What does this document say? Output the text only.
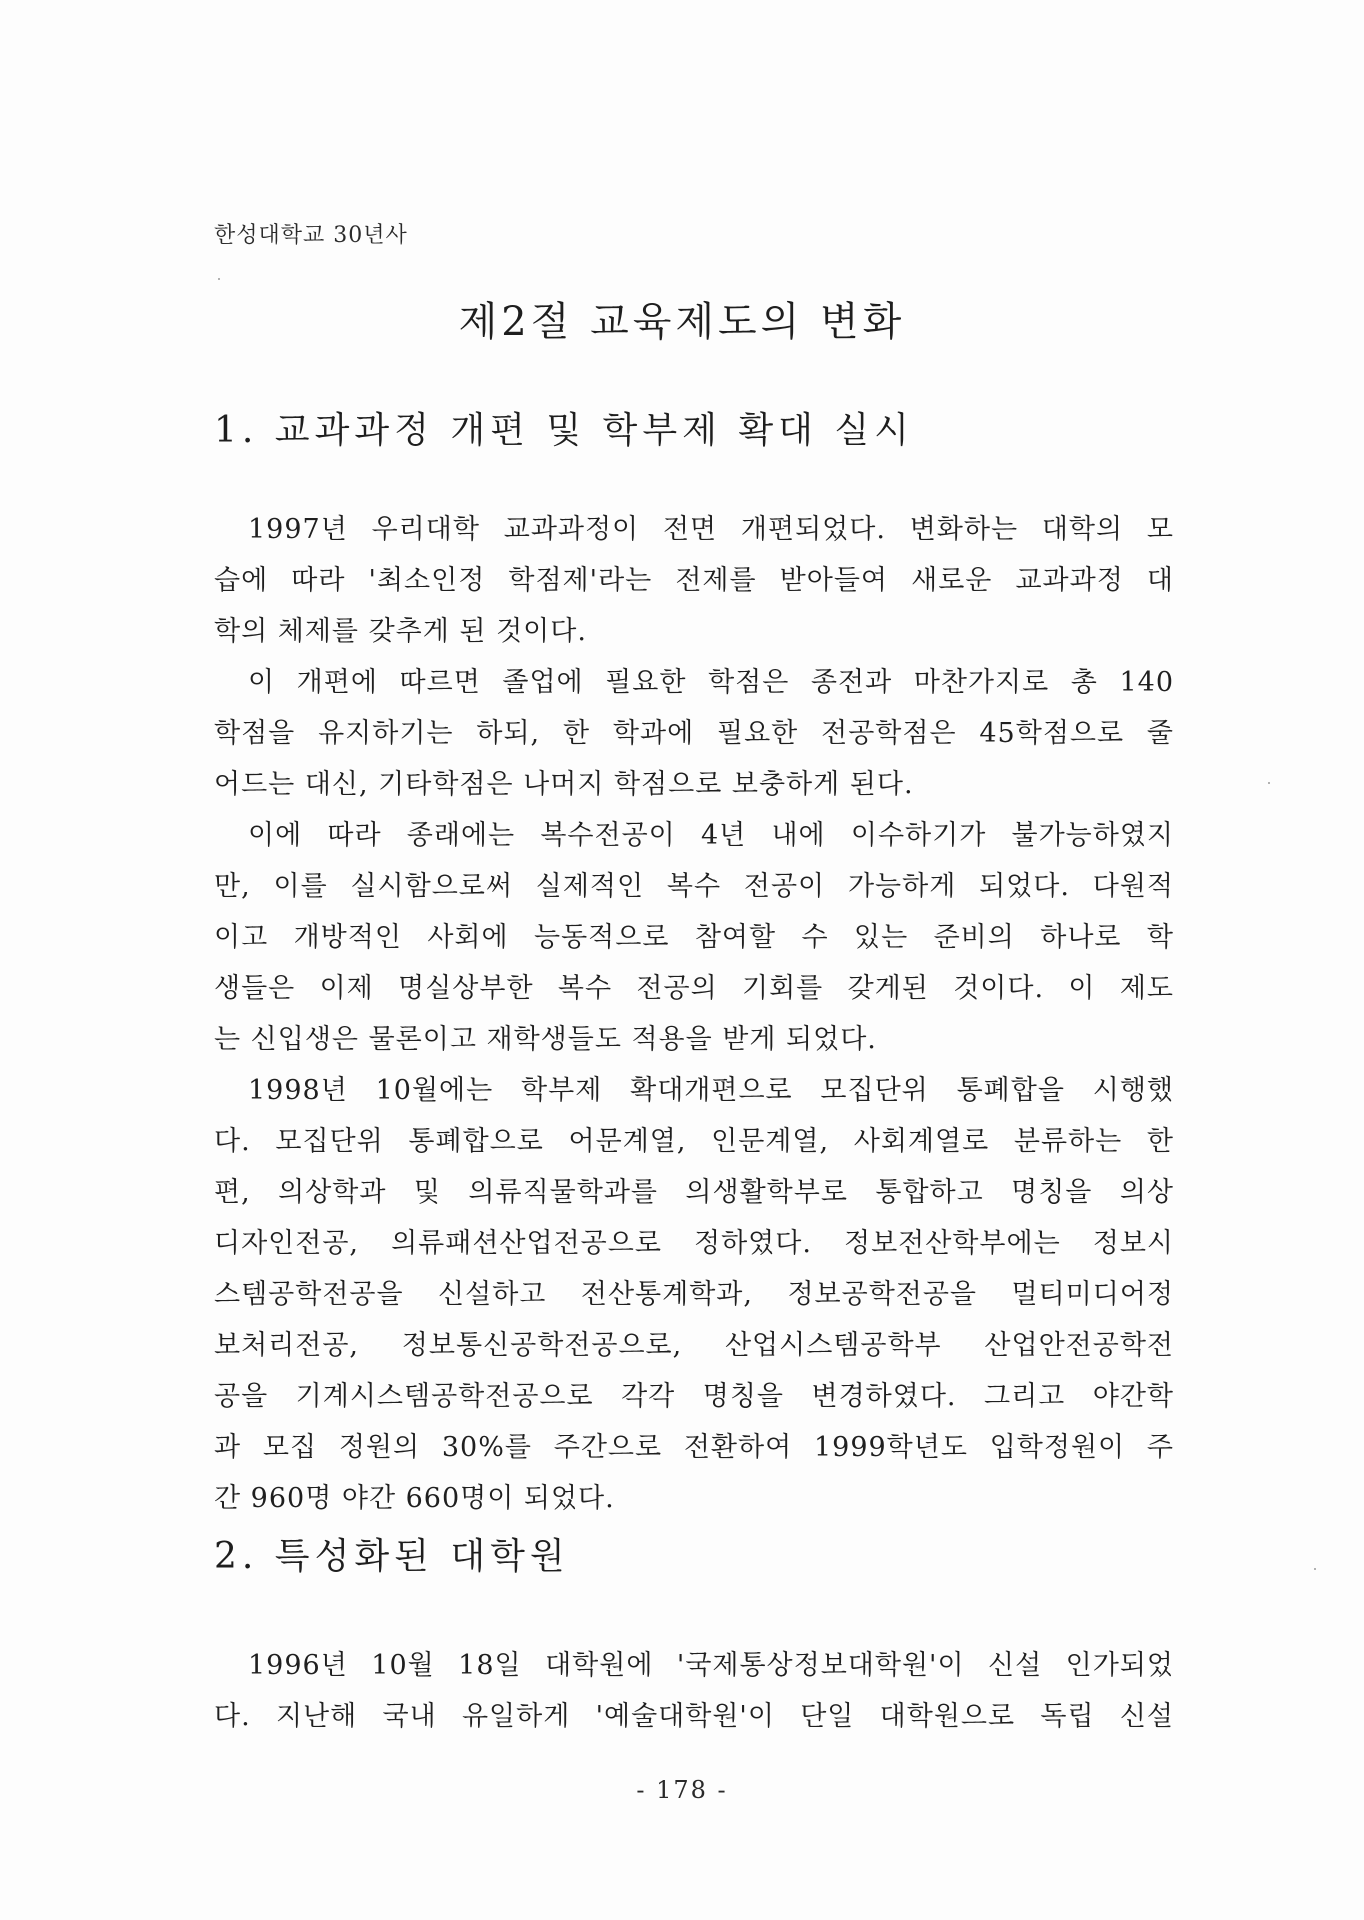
한성대학교 30년사
제2절 교육제도의 변화
1. 교과과정 개편 및 학부제 확대 실시
1997년 우리대학 교과과정이 전면 개편되었다. 변화하는 대학의 모
습에 따라 '최소인정 학점제'라는 전제를 받아들여 새로운 교과과정 대
학의 체제를 갖추게 된 것이다.
이 개편에 따르면 졸업에 필요한 학점은 종전과 마찬가지로 총 140
학점을 유지하기는 하되, 한 학과에 필요한 전공학점은 45학점으로 줄
어드는 대신, 기타학점은 나머지 학점으로 보충하게 된다.
이에 따라 종래에는 복수전공이 4년 내에 이수하기가 불가능하였지
만, 이를 실시함으로써 실제적인 복수 전공이 가능하게 되었다. 다원적
이고 개방적인 사회에 능동적으로 참여할 수 있는 준비의 하나로 학
생들은 이제 명실상부한 복수 전공의 기회를 갖게된 것이다. 이 제도
는 신입생은 물론이고 재학생들도 적용을 받게 되었다.
1998년 10월에는 학부제 확대개편으로 모집단위 통폐합을 시행했
다. 모집단위 통폐합으로 어문계열, 인문계열, 사회계열로 분류하는 한
편, 의상학과 및 의류직물학과를 의생활학부로 통합하고 명칭을 의상
디자인전공, 의류패션산업전공으로 정하였다. 정보전산학부에는 정보시
스템공학전공을 신설하고 전산통계학과, 정보공학전공을 멀티미디어정
보처리전공, 정보통신공학전공으로, 산업시스템공학부 산업안전공학전
공을 기계시스템공학전공으로 각각 명칭을 변경하였다. 그리고 야간학
과 모집 정원의 30%를 주간으로 전환하여 1999학년도 입학정원이 주
간 960명 야간 660명이 되었다.
2. 특성화된 대학원
1996년 10월 18일 대학원에 '국제통상정보대학원'이 신설 인가되었
다. 지난해 국내 유일하게 '예술대학원'이 단일 대학원으로 독립 신설
- 178 -
